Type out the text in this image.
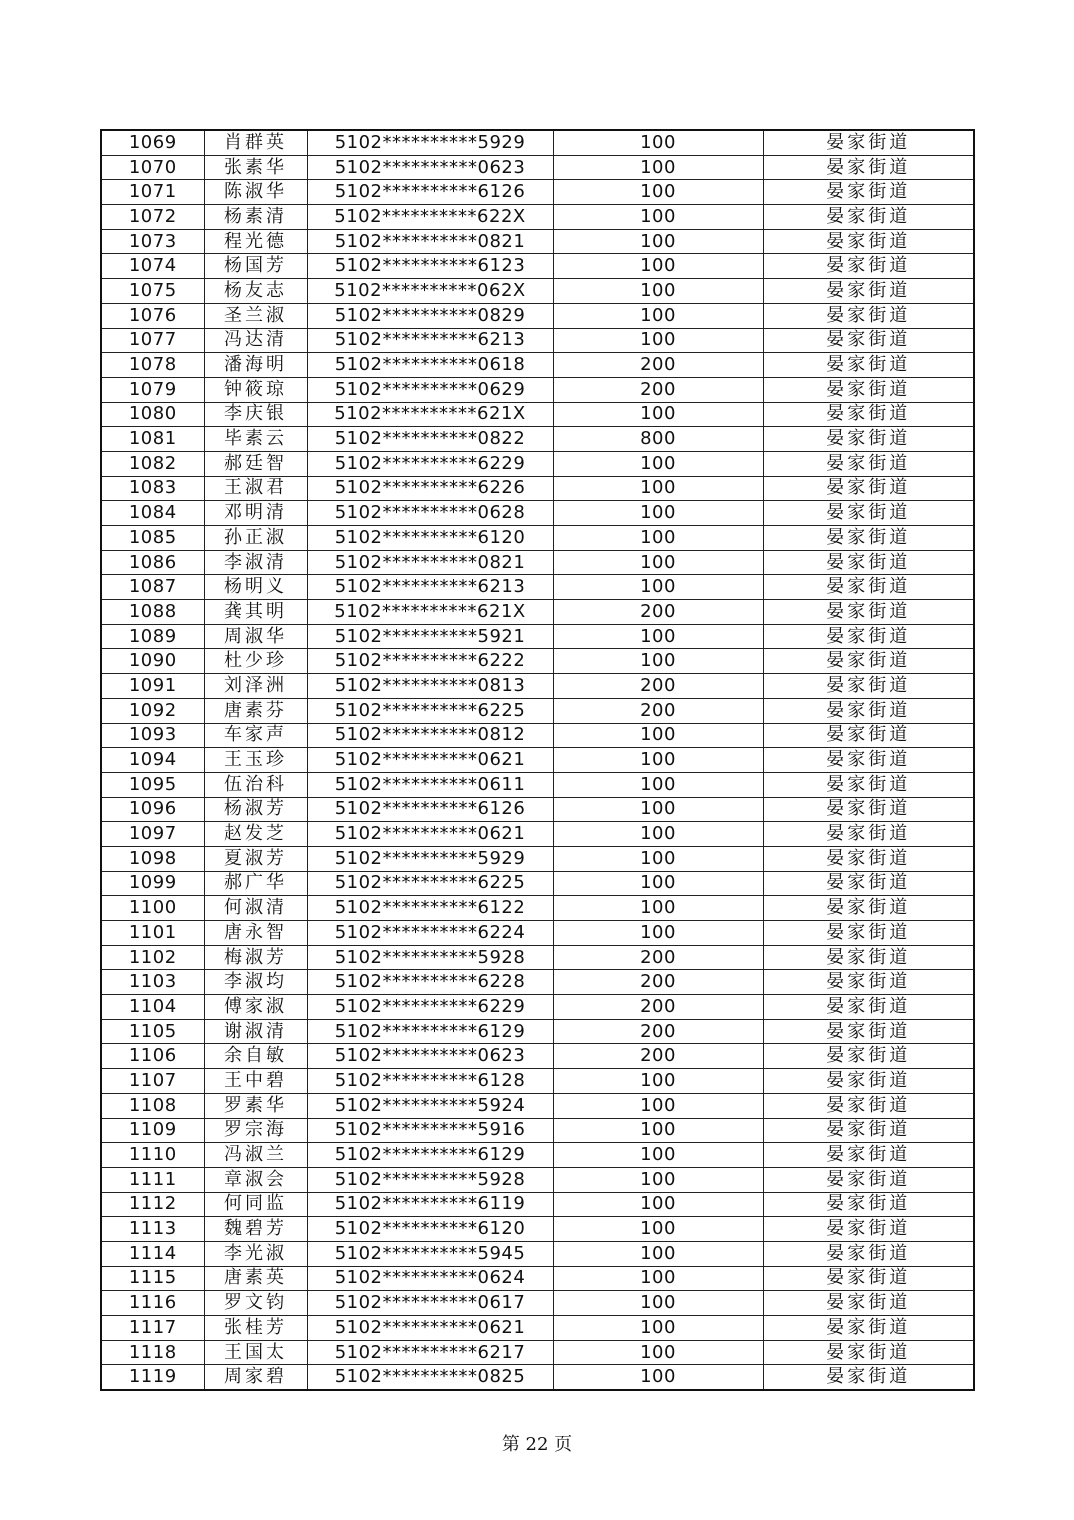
1069	肖群英	5102**********5929	100	晏家街道
1070	张素华	5102**********0623	100	晏家街道
1071	陈淑华	5102**********6126	100	晏家街道
1072	杨素清	5102**********622X	100	晏家街道
1073	程光德	5102**********0821	100	晏家街道
1074	杨国芳	5102**********6123	100	晏家街道
1075	杨友志	5102**********062X	100	晏家街道
1076	圣兰淑	5102**********0829	100	晏家街道
1077	冯达清	5102**********6213	100	晏家街道
1078	潘海明	5102**********0618	200	晏家街道
1079	钟筱琼	5102**********0629	200	晏家街道
1080	李庆银	5102**********621X	100	晏家街道
1081	毕素云	5102**********0822	800	晏家街道
1082	郝廷智	5102**********6229	100	晏家街道
1083	王淑君	5102**********6226	100	晏家街道
1084	邓明清	5102**********0628	100	晏家街道
1085	孙正淑	5102**********6120	100	晏家街道
1086	李淑清	5102**********0821	100	晏家街道
1087	杨明义	5102**********6213	100	晏家街道
1088	龚其明	5102**********621X	200	晏家街道
1089	周淑华	5102**********5921	100	晏家街道
1090	杜少珍	5102**********6222	100	晏家街道
1091	刘泽洲	5102**********0813	200	晏家街道
1092	唐素芬	5102**********6225	200	晏家街道
1093	车家声	5102**********0812	100	晏家街道
1094	王玉珍	5102**********0621	100	晏家街道
1095	伍治科	5102**********0611	100	晏家街道
1096	杨淑芳	5102**********6126	100	晏家街道
1097	赵发芝	5102**********0621	100	晏家街道
1098	夏淑芳	5102**********5929	100	晏家街道
1099	郝广华	5102**********6225	100	晏家街道
1100	何淑清	5102**********6122	100	晏家街道
1101	唐永智	5102**********6224	100	晏家街道
1102	梅淑芳	5102**********5928	200	晏家街道
1103	李淑均	5102**********6228	200	晏家街道
1104	傅家淑	5102**********6229	200	晏家街道
1105	谢淑清	5102**********6129	200	晏家街道
1106	余自敏	5102**********0623	200	晏家街道
1107	王中碧	5102**********6128	100	晏家街道
1108	罗素华	5102**********5924	100	晏家街道
1109	罗宗海	5102**********5916	100	晏家街道
1110	冯淑兰	5102**********6129	100	晏家街道
1111	章淑会	5102**********5928	100	晏家街道
1112	何同监	5102**********6119	100	晏家街道
1113	魏碧芳	5102**********6120	100	晏家街道
1114	李光淑	5102**********5945	100	晏家街道
1115	唐素英	5102**********0624	100	晏家街道
1116	罗文钧	5102**********0617	100	晏家街道
1117	张桂芳	5102**********0621	100	晏家街道
1118	王国太	5102**********6217	100	晏家街道
1119	周家碧	5102**********0825	100	晏家街道
第 22 页
